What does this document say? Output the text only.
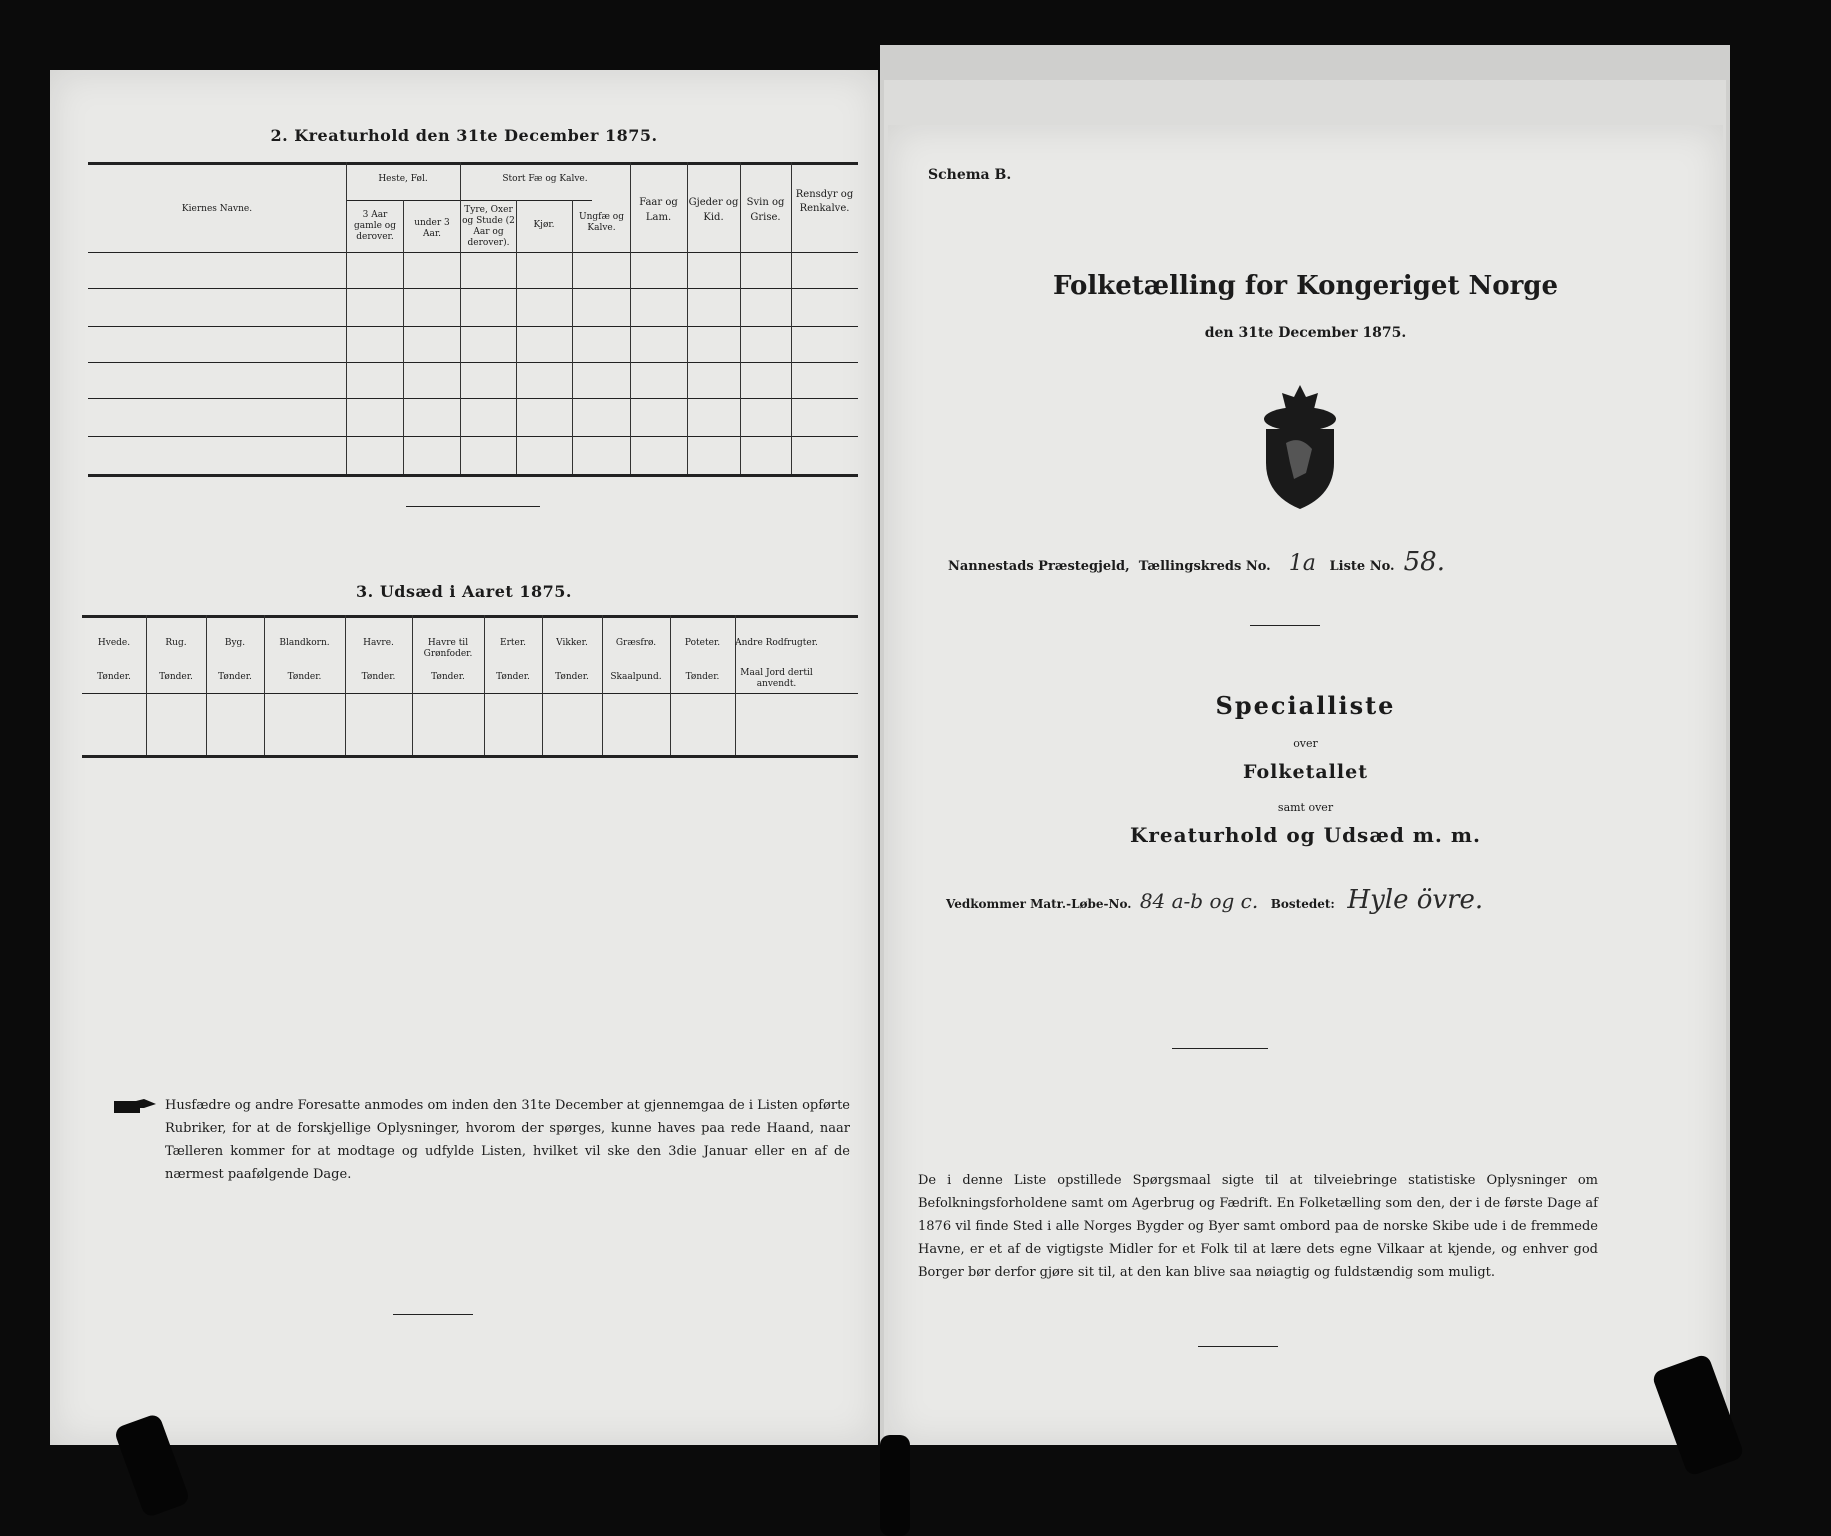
2. Kreaturhold den 31te December 1875.
Kiernes Navne.
Heste, Føl.
3 Aar gamle og derover.
under 3 Aar.
Stort Fæ og Kalve.
Tyre, Oxer og Stude (2 Aar og derover).
Kjør.
Ungfæ og Kalve.
Faar og Lam.
Gjeder og Kid.
Svin og Grise.
Rensdyr og Renkalve.
3. Udsæd i Aaret 1875.
Hvede.
Tønder.
Rug.
Tønder.
Byg.
Tønder.
Blandkorn.
Tønder.
Havre.
Tønder.
Havre til Grønfoder.
Tønder.
Erter.
Tønder.
Vikker.
Tønder.
Græsfrø.
Skaalpund.
Poteter.
Tønder.
Andre Rodfrugter.
Maal Jord dertil anvendt.
Husfædre og andre Foresatte anmodes om inden den 31te December at gjennemgaa de i Listen opførte Rubriker, for at de forskjellige Oplysninger, hvorom der spørges, kunne haves paa rede Haand, naar Tælleren kommer for at modtage og udfylde Listen, hvilket vil ske den 3die Januar eller en af de nærmest paafølgende Dage.
Schema B.
Folketælling for Kongeriget Norge
den 31te December 1875.
Nannestads Præstegjeld, Tællingskreds No. 1a Liste No. 58.
Specialliste
over
Folketallet
samt over
Kreaturhold og Udsæd m. m.
Vedkommer Matr.-Løbe-No. 84 a-b og c. Bostedet: Hyle övre.
De i denne Liste opstillede Spørgsmaal sigte til at tilveiebringe statistiske Oplysninger om Befolkningsforholdene samt om Agerbrug og Fædrift. En Folketælling som den, der i de første Dage af 1876 vil finde Sted i alle Norges Bygder og Byer samt ombord paa de norske Skibe ude i de fremmede Havne, er et af de vigtigste Midler for et Folk til at lære dets egne Vilkaar at kjende, og enhver god Borger bør derfor gjøre sit til, at den kan blive saa nøiagtig og fuldstændig som muligt.
